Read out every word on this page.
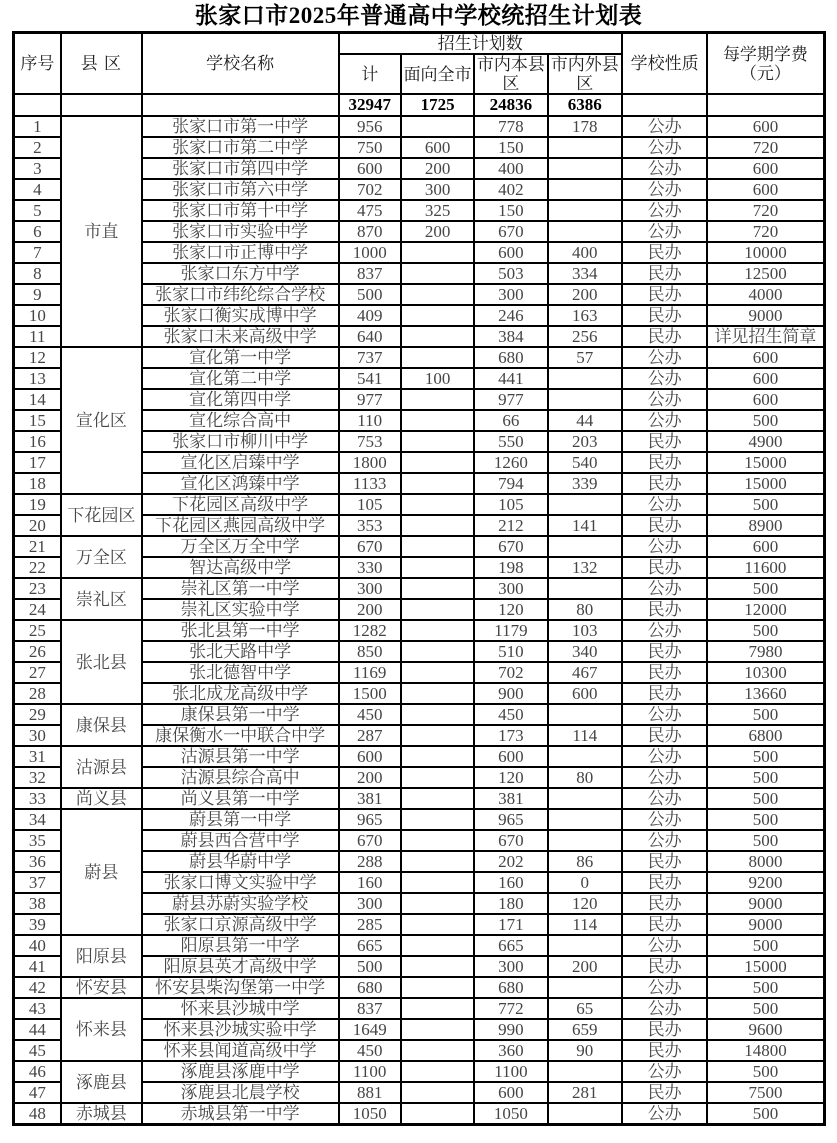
张家口市2025年普通高中学校统招生计划表
序号	县 区	学校名称	招生计划数				学校性质	每学期学费
（元）

			计	面向全市	市内本县区	市内外县区		
			32947	1725	24836	6386		
1	市直	张家口市第一中学	956		778	178	公办	600
2		张家口市第二中学	750	600	150		公办	720
3		张家口市第四中学	600	200	400		公办	600
4		张家口市第六中学	702	300	402		公办	600
5		张家口市第十中学	475	325	150		公办	720
6		张家口市实验中学	870	200	670		公办	720
7		张家口市正博中学	1000		600	400	民办	10000
8		张家口东方中学	837		503	334	民办	12500
9		张家口市纬纶综合学校	500		300	200	民办	4000
10		张家口衡实成博中学	409		246	163	民办	9000
11		张家口未来高级中学	640		384	256	民办	详见招生简章
12	宣化区	宣化第一中学	737		680	57	公办	600
13		宣化第二中学	541	100	441		公办	600
14		宣化第四中学	977		977		公办	600
15		宣化综合高中	110		66	44	公办	500
16		张家口市柳川中学	753		550	203	民办	4900
17		宣化区启臻中学	1800		1260	540	民办	15000
18		宣化区鸿臻中学	1133		794	339	民办	15000
19	下花园区	下花园区高级中学	105		105		公办	500
20		下花园区燕园高级中学	353		212	141	民办	8900
21	万全区	万全区万全中学	670		670		公办	600
22		智达高级中学	330		198	132	民办	11600
23	崇礼区	崇礼区第一中学	300		300		公办	500
24		崇礼区实验中学	200		120	80	民办	12000
25	张北县	张北县第一中学	1282		1179	103	公办	500
26		张北天路中学	850		510	340	民办	7980
27		张北德智中学	1169		702	467	民办	10300
28		张北成龙高级中学	1500		900	600	民办	13660
29	康保县	康保县第一中学	450		450		公办	500
30		康保衡水一中联合中学	287		173	114	民办	6800
31	沽源县	沽源县第一中学	600		600		公办	500
32		沽源县综合高中	200		120	80	公办	500
33	尚义县	尚义县第一中学	381		381		公办	500
34	蔚县	蔚县第一中学	965		965		公办	500
35		蔚县西合营中学	670		670		公办	500
36		蔚县华蔚中学	288		202	86	民办	8000
37		张家口博文实验中学	160		160	0	民办	9200
38		蔚县苏蔚实验学校	300		180	120	民办	9000
39		张家口京源高级中学	285		171	114	民办	9000
40	阳原县	阳原县第一中学	665		665		公办	500
41		阳原县英才高级中学	500		300	200	民办	15000
42	怀安县	怀安县柴沟堡第一中学	680		680		公办	500
43	怀来县	怀来县沙城中学	837		772	65	公办	500
44		怀来县沙城实验中学	1649		990	659	民办	9600
45		怀来县闻道高级中学	450		360	90	民办	14800
46	涿鹿县	涿鹿县涿鹿中学	1100		1100		公办	500
47		涿鹿县北晨学校	881		600	281	民办	7500
48	赤城县	赤城县第一中学	1050		1050		公办	500
